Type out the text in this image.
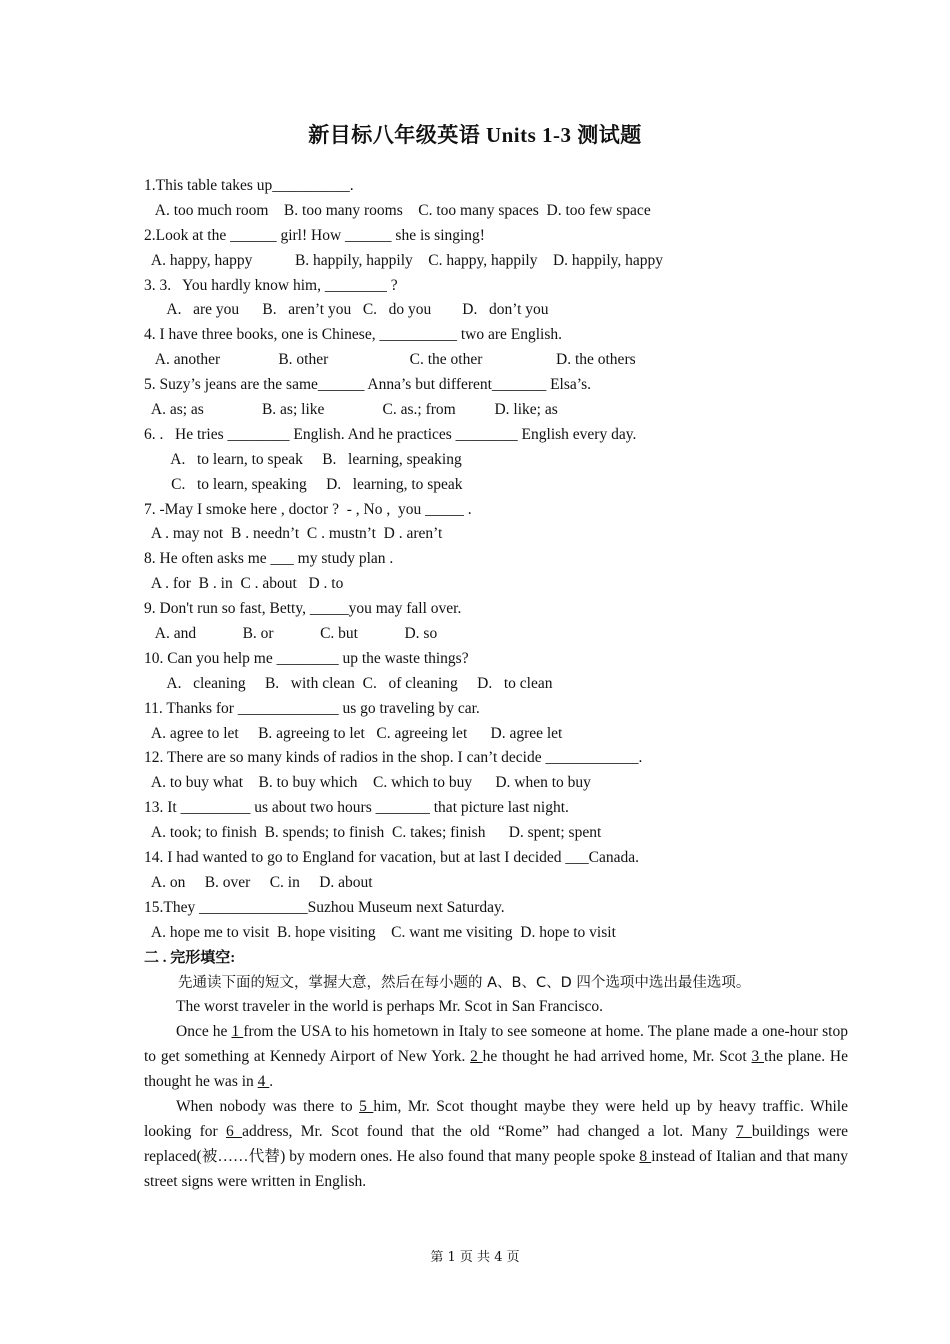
新目标八年级英语 Units 1-3 测试题
1.This table takes up__________.
A. too much room    B. too many rooms    C. too many spaces  D. too few space
2.Look at the ______ girl! How ______ she is singing!
A. happy, happy           B. happily, happily    C. happy, happily    D. happily, happy
3. 3.   You hardly know him, ________ ?
A.   are you      B.   aren’t you   C.   do you        D.   don’t you
4. I have three books, one is Chinese, __________ two are English.
A. another               B. other                     C. the other                   D. the others
5. Suzy’s jeans are the same______ Anna’s but different_______ Elsa’s.
A. as; as               B. as; like               C. as.; from          D. like; as
6. .   He tries ________ English. And he practices ________ English every day.
A.   to learn, to speak     B.   learning, speaking
C.   to learn, speaking     D.   learning, to speak
7. -May I smoke here , doctor ?  - , No ,  you _____ .
A . may not  B . needn’t  C . mustn’t  D . aren’t
8. He often asks me ___ my study plan .
A . for  B . in  C . about   D . to
9. Don't run so fast, Betty, _____you may fall over.
A. and            B. or            C. but            D. so
10. Can you help me ________ up the waste things?
A.   cleaning     B.   with clean  C.   of cleaning     D.   to clean
11. Thanks for _____________ us go traveling by car.
A. agree to let     B. agreeing to let   C. agreeing let      D. agree let
12. There are so many kinds of radios in the shop. I can’t decide ____________.
A. to buy what    B. to buy which    C. which to buy      D. when to buy
13. It _________ us about two hours _______ that picture last night.
A. took; to finish  B. spends; to finish  C. takes; finish      D. spent; spent
14. I had wanted to go to England for vacation, but at last I decided ___Canada.
A. on     B. over     C. in     D. about
15.They ______________Suzhou Museum next Saturday.
A. hope me to visit  B. hope visiting    C. want me visiting  D. hope to visit
二 . 完形填空:
先通读下面的短文，掌握大意，然后在每小题的 A、B、C、D 四个选项中选出最佳选项。
The worst traveler in the world is perhaps Mr. Scot in San Francisco.
Once he 1 from the USA to his hometown in Italy to see someone at home. The plane made a one-hour stop to get something at Kennedy Airport of New York. 2 he thought he had arrived home, Mr. Scot 3 the plane. He thought he was in 4 .
When nobody was there to 5 him, Mr. Scot thought maybe they were held up by heavy traffic. While looking for 6 address, Mr. Scot found that the old “Rome” had changed a lot. Many 7 buildings were replaced(被……代替) by modern ones. He also found that many people spoke 8 instead of Italian and that many street signs were written in English.
第 1 页 共 4 页
